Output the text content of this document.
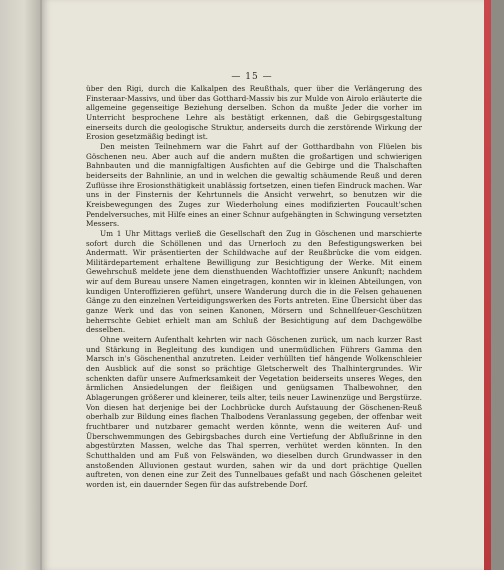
— 15 —

über den Rigi, durch die Kalkalpen des Reußthals, quer über die Verlängerung des Finsteraar-Massivs, und über das Gotthard-Massiv bis zur Mulde von Airolo erläuterte die allgemeine gegenseitige Beziehung derselben. Schon da mußte Jeder die vorher im Unterricht besprochene Lehre als bestätigt erkennen, daß die Gebirgsgestaltung einerseits durch die geologische Struktur, anderseits durch die zerstörende Wirkung der Erosion gesetzmäßig bedingt ist.

Den meisten Teilnehmern war die Fahrt auf der Gotthardbahn von Flüelen bis Göschenen neu. Aber auch auf die andern mußten die großartigen und schwierigen Bahnbauten und die mannigfaltigen Ausfichten auf die Gebirge und die Thalschaften beiderseits der Bahnlinie, an und in welchen die gewaltig schäumende Reuß und deren Zuflüsse ihre Erosionsthätigkeit unablässig fortsetzen, einen tiefen Eindruck machen. War uns in der Finsternis der Kehrtunnels die Ansicht verwehrt, so benutzen wir die Kreisbewegungen des Zuges zur Wiederholung eines modifizierten Foucault'schen Pendelversuches, mit Hilfe eines an einer Schnur aufgehängten in Schwingung versetzten Messers.

Um 1 Uhr Mittags verließ die Gesellschaft den Zug in Göschenen und marschierte sofort durch die Schöllenen und das Urnerloch zu den Befestigungswerken bei Andermatt. Wir präsentierten der Schildwache auf der Reußbrücke die vom eidgen. Militärdepartement erhaltene Bewilligung zur Besichtigung der Werke. Mit einem Gewehrschuß meldete jene dem diensthuenden Wachtoffizier unsere Ankunft; nachdem wir auf dem Bureau unsere Namen eingetragen, konnten wir in kleinen Abteilungen, von kundigen Unteroffizieren geführt, unsere Wanderung durch die in die Felsen gehauenen Gänge zu den einzelnen Verteidigungswerken des Forts antreten. Eine Übersicht über das ganze Werk und das von seinen Kanonen, Mörsern und Schnellfeuer-Geschützen beherrschte Gebiet erhielt man am Schluß der Besichtigung auf dem Dachgewölbe desselben.

Ohne weitern Aufenthalt kehrten wir nach Göschenen zurück, um nach kurzer Rast und Stärkung in Begleitung des kundigen und unermüdlichen Führers Gamma den Marsch in's Göschenenthal anzutreten. Leider verhüllten tief hängende Wolkenschleier den Ausblick auf die sonst so prächtige Gletscherwelt des Thalhintergrundes. Wir schenkten dafür unsere Aufmerksamkeit der Vegetation beiderseits unseres Weges, den ärmlichen Ansiedelungen der fleißigen und genügsamen Thalbewohner, den Ablagerungen größerer und kleinerer, teils alter, teils neuer Lawinenzüge und Bergstürze. Von diesen hat derjenige bei der Lochbrücke durch Aufstauung der Göschenen-Reuß oberhalb zur Bildung eines flachen Thalbodens Veranlassung gegeben, der offenbar weit fruchtbarer und nutzbarer gemacht werden könnte, wenn die weiteren Auf- und Überschwemmungen des Gebirgsbaches durch eine Vertiefung der Abflußrinne in den abgestürzten Massen, welche das Thal sperren, verhütet werden könnten. In den Schutthalden und am Fuß von Felswänden, wo dieselben durch Grundwasser in den anstoßenden Alluvionen gestaut wurden, sahen wir da und dort prächtige Quellen auftreten, von denen eine zur Zeit des Tunnelbaues gefaßt und nach Göschenen geleitet worden ist, ein dauernder Segen für das aufstrebende Dorf.
